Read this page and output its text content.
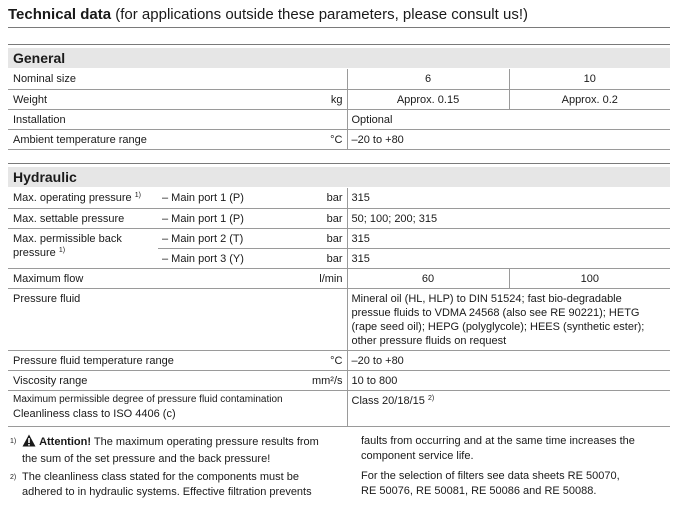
Technical data (for applications outside these parameters, please consult us!)
General
Nominal size		6	10
Weight	kg	Approx. 0.15	Approx. 0.2
Installation		Optional	
Ambient temperature range	°C	–20 to +80	
Hydraulic
Max. operating pressure $^{1)}$	– Main port 1 (P)	bar	315	
Max. settable pressure	– Main port 1 (P)	bar	50; 100; 200; 315	

Max. permissible back
pressure $^{1)}$	– Main port 2 (T)	bar	315	
	– Main port 3 (Y)	bar	315	
Maximum flow		l/min	60	100
Pressure fluid			Mineral oil (HL, HLP) to DIN 51524; fast bio-degradable
pressue fluids to VDMA 24568 (also see RE 90221); HETG
(rape seed oil); HEPG (polyglycole); HEES (synthetic ester);
other pressure fluids on request	

Pressure fluid temperature range		°C	–20 to +80	
Viscosity range		mm²/s	10 to 800	

Maximum permissible degree of pressure fluid contamination
Cleanliness class to ISO 4406 (c)			Class 20/18/15 $^{2)}$
1)	Attention! The maximum operating pressure results from
the sum of the set pressure and the back pressure!
2) The cleanliness class stated for the components must be
adhered to in hydraulic systems. Effective filtration prevents
faults from occurring and at the same time increases the
component service life.
For the selection of filters see data sheets RE 50070,
RE 50076, RE 50081, RE 50086 and RE 50088.
